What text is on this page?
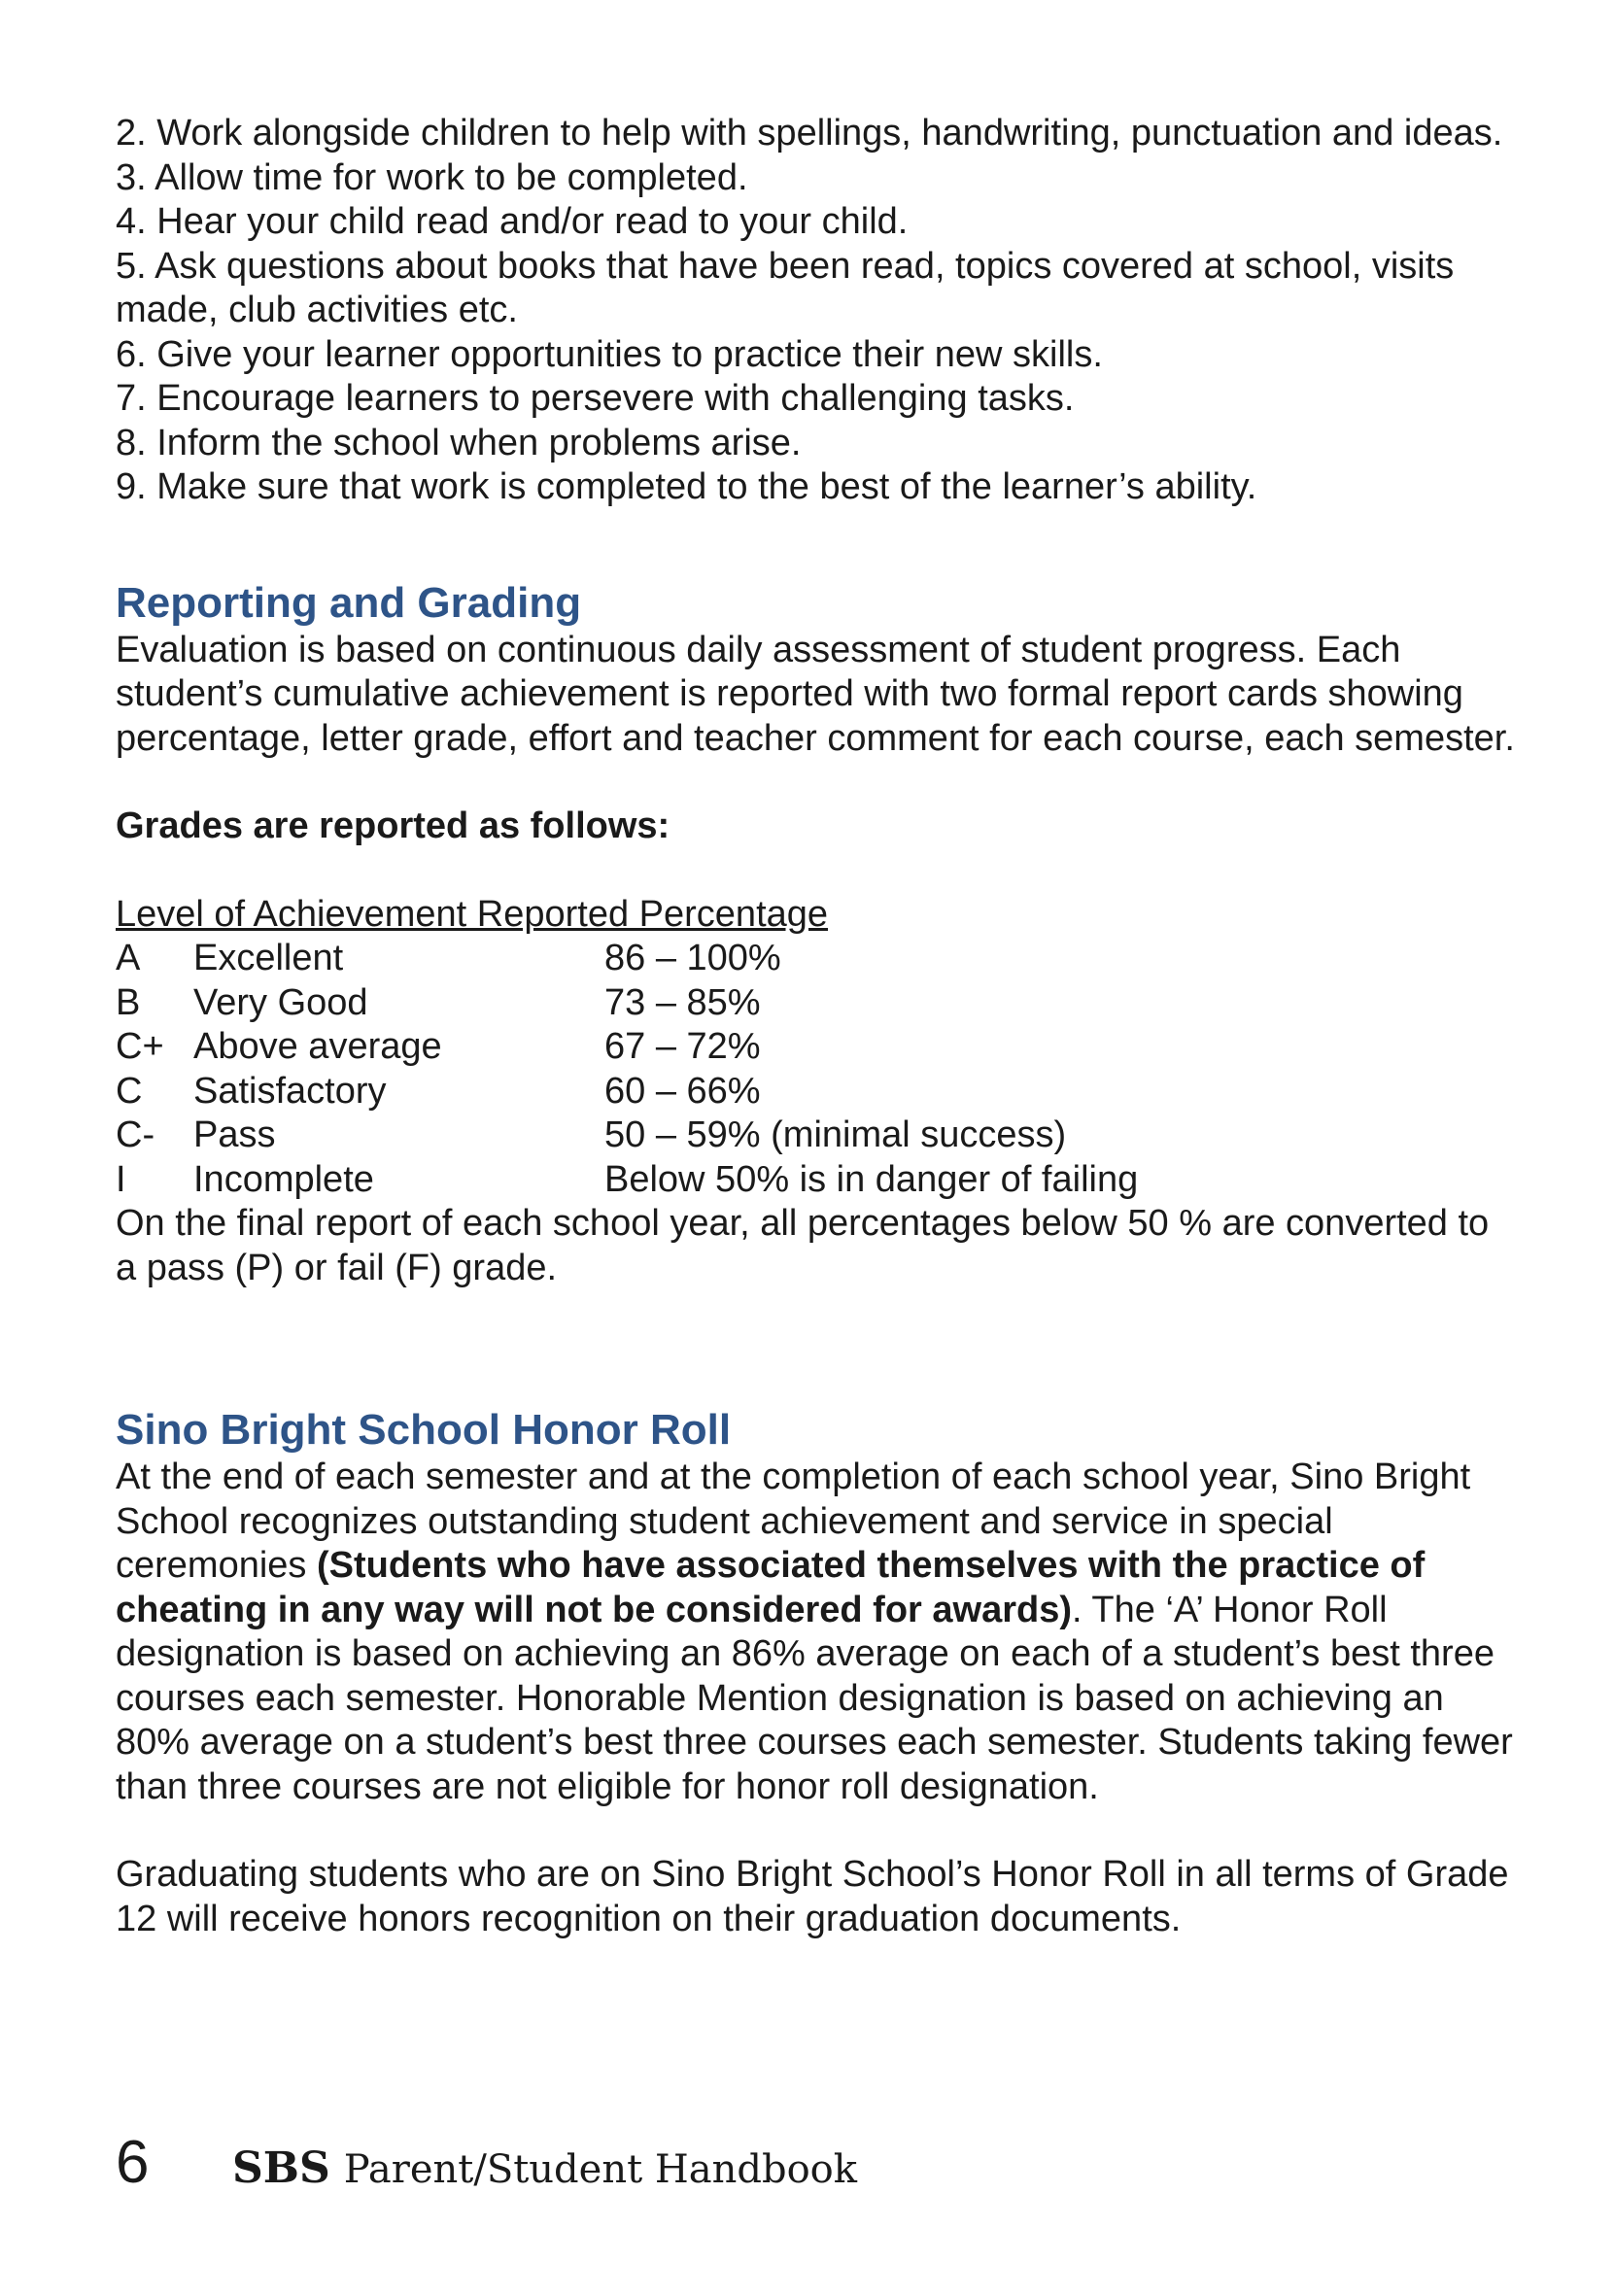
2. Work alongside children to help with spellings, handwriting, punctuation and ideas.

3. Allow time for work to be completed.

4. Hear your child read and/or read to your child.

5. Ask questions about books that have been read, topics covered at school, visits made, club activities etc.

6. Give your learner opportunities to practice their new skills.

7. Encourage learners to persevere with challenging tasks.

8. Inform the school when problems arise.

9. Make sure that work is completed to the best of the learner’s ability.

Reporting and Grading

Evaluation is based on continuous daily assessment of student progress. Each student’s cumulative achievement is reported with two formal report cards showing percentage, letter grade, effort and teacher comment for each course, each semester.

Grades are reported as follows:

Level of Achievement Reported Percentage
A	Excellent	86 – 100%
B	Very Good	73 – 85%
C+ Above average	67 – 72%
C	Satisfactory	60 – 66%
C-	Pass	50 – 59% (minimal success)
I	Incomplete	Below 50% is in danger of failing

On the final report of each school year, all percentages below 50 % are converted to a pass (P) or fail (F) grade.

Sino Bright School Honor Roll

At the end of each semester and at the completion of each school year, Sino Bright School recognizes outstanding student achievement and service in special ceremonies (Students who have associated themselves with the practice of cheating in any way will not be considered for awards). The ‘A’ Honor Roll designation is based on achieving an 86% average on each of a student’s best three courses each semester. Honorable Mention designation is based on achieving an 80% average on a student’s best three courses each semester. Students taking fewer than three courses are not eligible for honor roll designation.

Graduating students who are on Sino Bright School’s Honor Roll in all terms of Grade 12 will receive honors recognition on their graduation documents.

6	SBS Parent/Student Handbook
